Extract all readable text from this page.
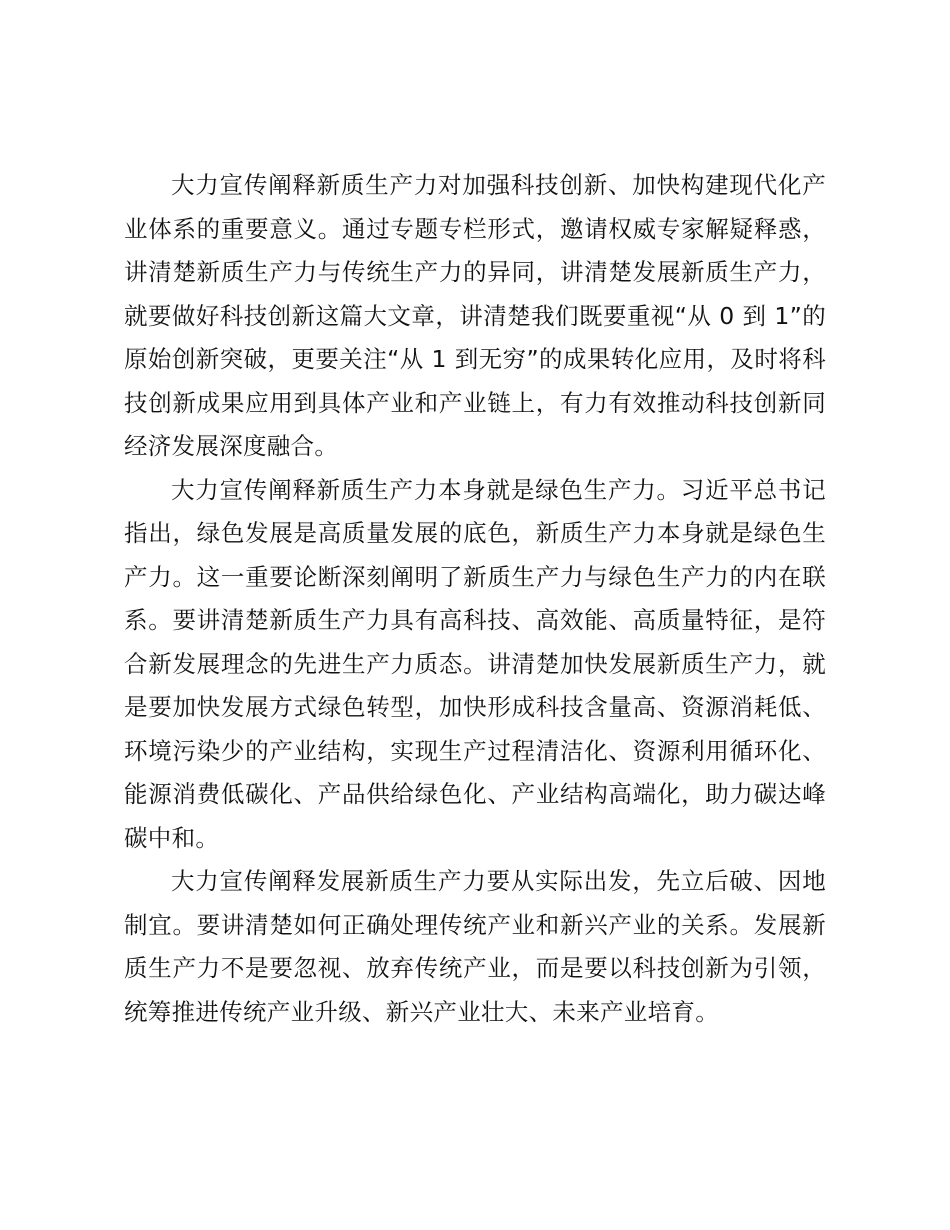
大力宣传阐释新质生产力对加强科技创新、加快构建现代化产业体系的重要意义。通过专题专栏形式，邀请权威专家解疑释惑，讲清楚新质生产力与传统生产力的异同，讲清楚发展新质生产力，就要做好科技创新这篇大文章，讲清楚我们既要重视“从 0 到 1”的原始创新突破，更要关注“从 1 到无穷”的成果转化应用，及时将科技创新成果应用到具体产业和产业链上，有力有效推动科技创新同经济发展深度融合。

大力宣传阐释新质生产力本身就是绿色生产力。习近平总书记指出，绿色发展是高质量发展的底色，新质生产力本身就是绿色生产力。这一重要论断深刻阐明了新质生产力与绿色生产力的内在联系。要讲清楚新质生产力具有高科技、高效能、高质量特征，是符合新发展理念的先进生产力质态。讲清楚加快发展新质生产力，就是要加快发展方式绿色转型，加快形成科技含量高、资源消耗低、环境污染少的产业结构，实现生产过程清洁化、资源利用循环化、能源消费低碳化、产品供给绿色化、产业结构高端化，助力碳达峰碳中和。

大力宣传阐释发展新质生产力要从实际出发，先立后破、因地制宜。要讲清楚如何正确处理传统产业和新兴产业的关系。发展新质生产力不是要忽视、放弃传统产业，而是要以科技创新为引领，统筹推进传统产业升级、新兴产业壮大、未来产业培育。
